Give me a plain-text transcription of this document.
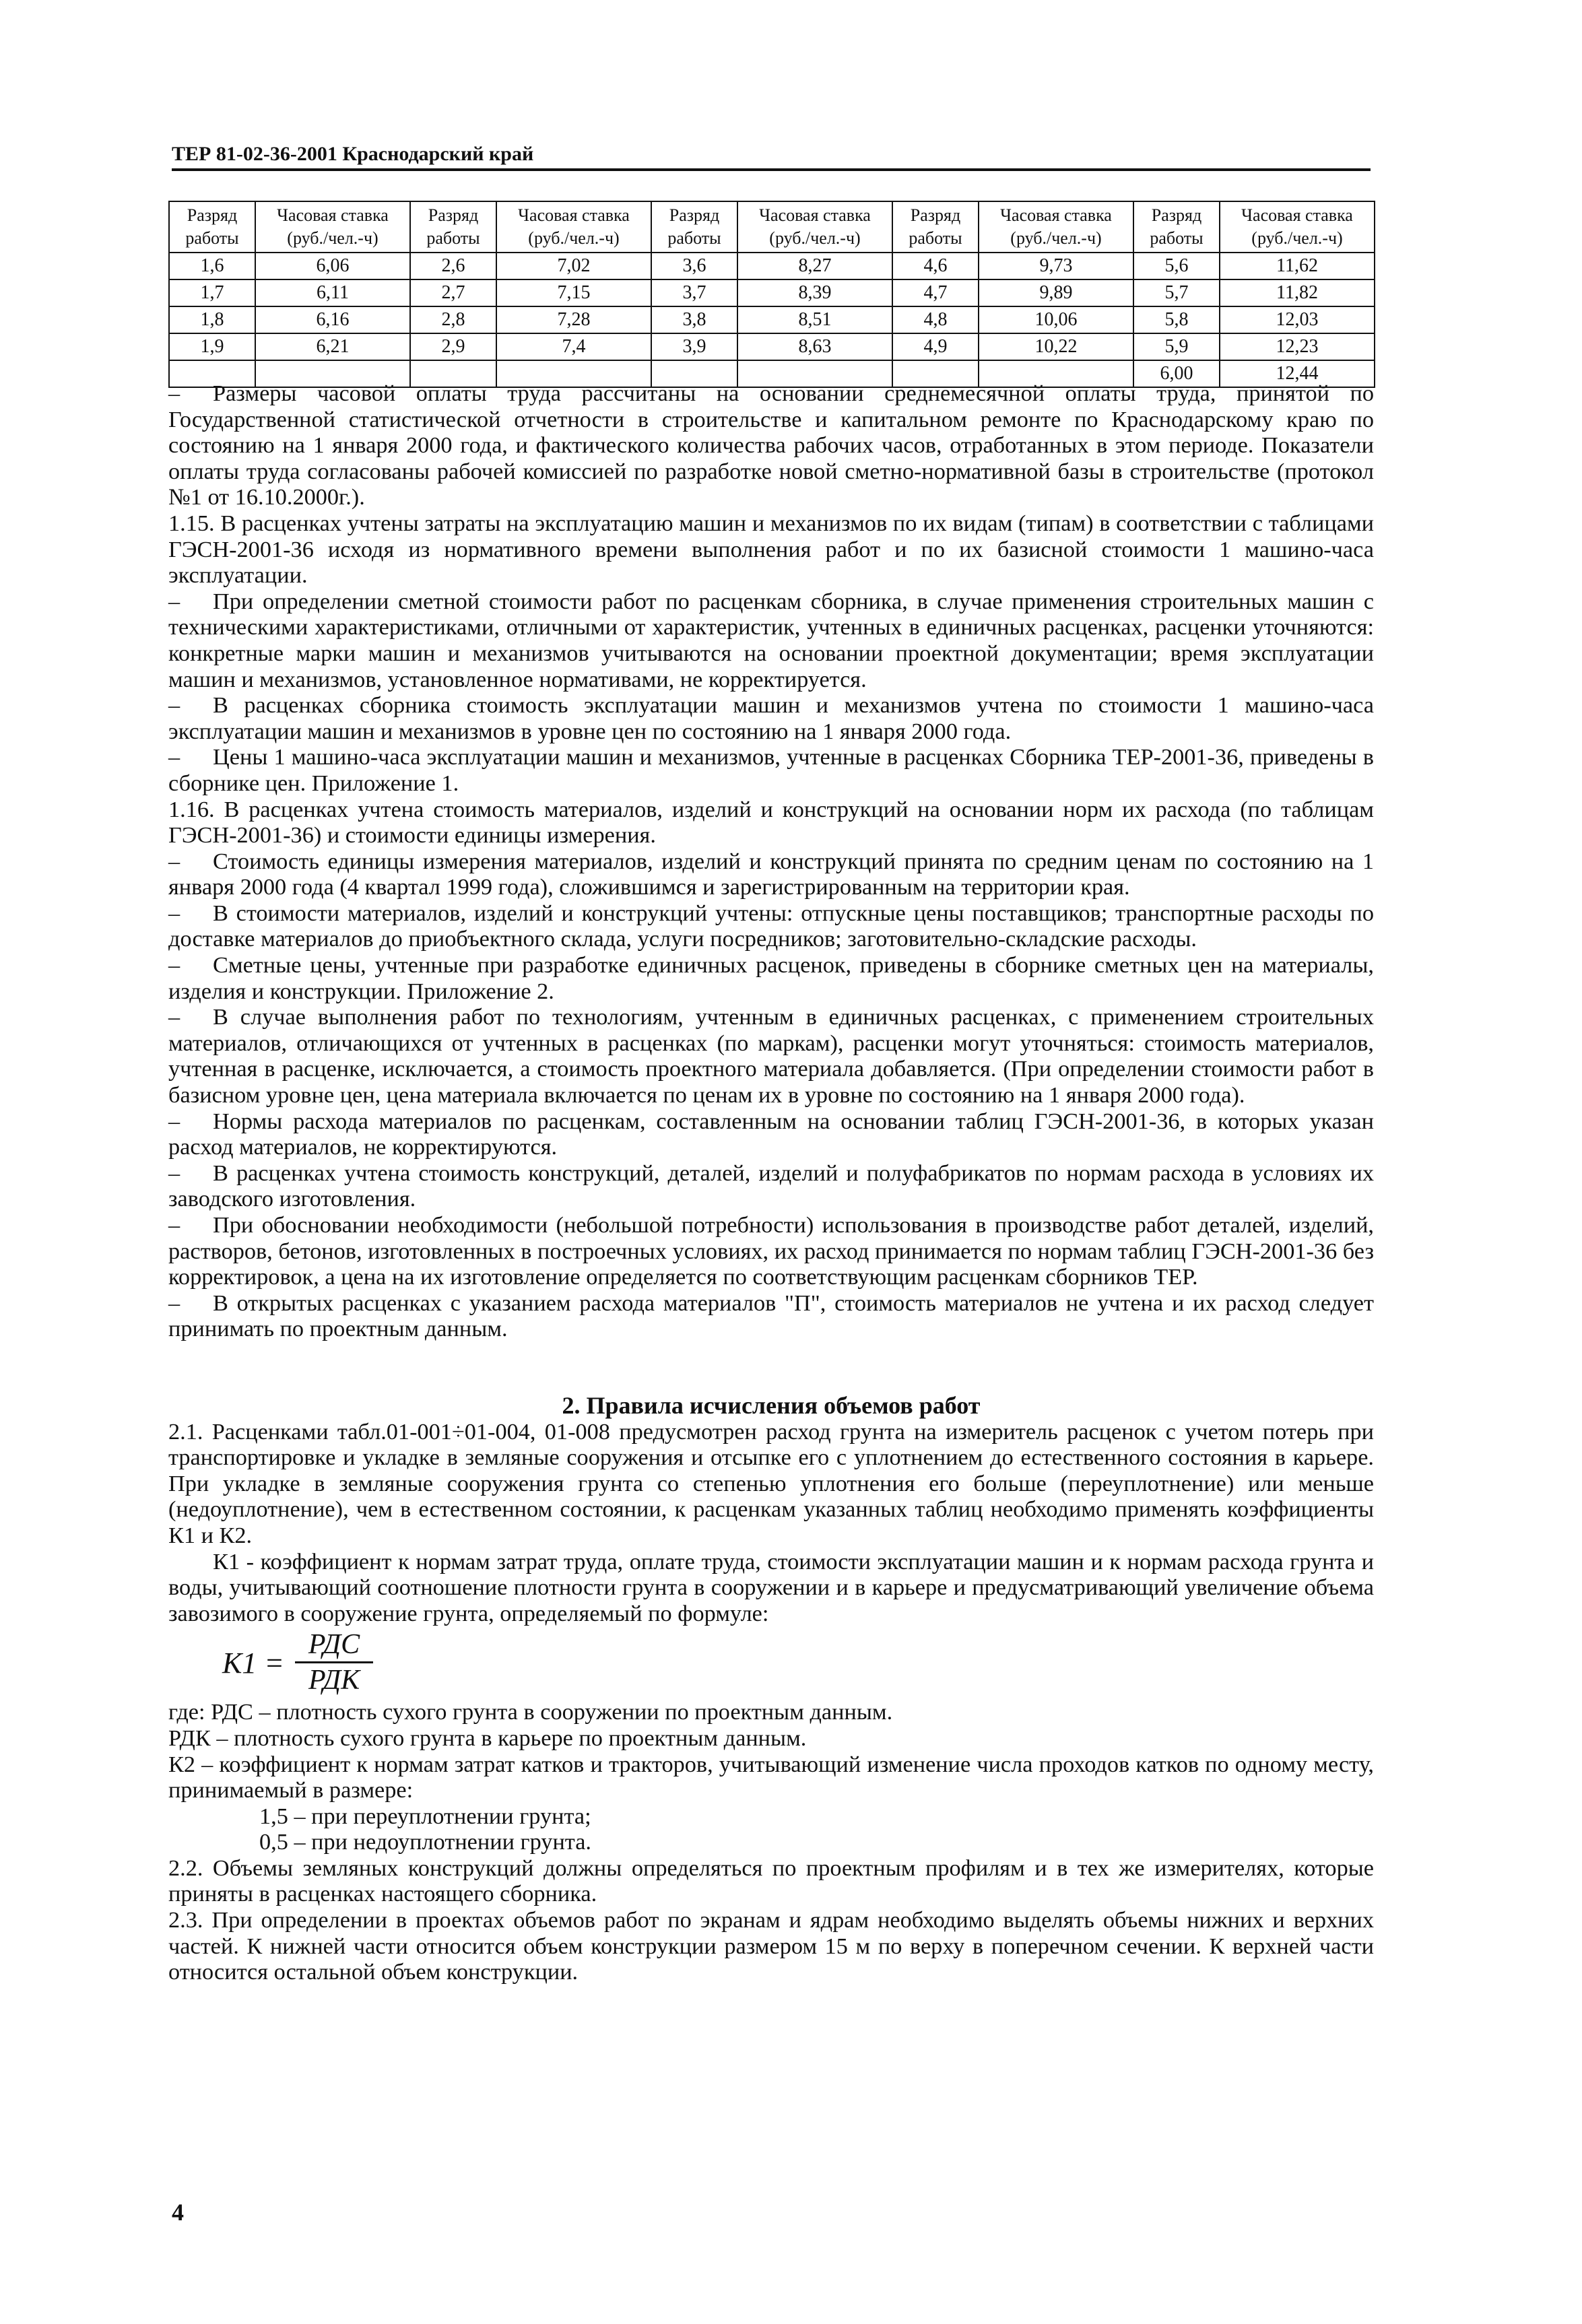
ТЕР 81-02-36-2001 Краснодарский край
Разряд работы	Часовая ставка (руб./чел.-ч)	Разряд работы	Часовая ставка (руб./чел.-ч)	Разряд работы	Часовая ставка (руб./чел.-ч)	Разряд работы	Часовая ставка (руб./чел.-ч)	Разряд работы	Часовая ставка (руб./чел.-ч)
1,6	6,06	2,6	7,02	3,6	8,27	4,6	9,73	5,6	11,62
1,7	6,11	2,7	7,15	3,7	8,39	4,7	9,89	5,7	11,82
1,8	6,16	2,8	7,28	3,8	8,51	4,8	10,06	5,8	12,03
1,9	6,21	2,9	7,4	3,9	8,63	4,9	10,22	5,9	12,23
								6,00	12,44

– Размеры часовой оплаты труда рассчитаны на основании среднемесячной оплаты труда, принятой по Государственной статистической отчетности в строительстве и капитальном ремонте по Краснодарскому краю по состоянию на 1 января 2000 года, и фактического количества рабочих часов, отработанных в этом периоде. Показатели оплаты труда согласованы рабочей комиссией по разработке новой сметно-нормативной базы в строительстве (протокол №1 от 16.10.2000г.).

1.15. В расценках учтены затраты на эксплуатацию машин и механизмов по их видам (типам) в соответствии с таблицами ГЭСН-2001-36 исходя из нормативного времени выполнения работ и по их базисной стоимости 1 машино-часа эксплуатации.

– При определении сметной стоимости работ по расценкам сборника, в случае применения строительных машин с техническими характеристиками, отличными от характеристик, учтенных в единичных расценках, расценки уточняются: конкретные марки машин и механизмов учитываются на основании проектной документации; время эксплуатации машин и механизмов, установленное нормативами, не корректируется.

– В расценках сборника стоимость эксплуатации машин и механизмов учтена по стоимости 1 машино-часа эксплуатации машин и механизмов в уровне цен по состоянию на 1 января 2000 года.

– Цены 1 машино-часа эксплуатации машин и механизмов, учтенные в расценках Сборника ТЕР-2001-36, приведены в сборнике цен. Приложение 1.

1.16. В расценках учтена стоимость материалов, изделий и конструкций на основании норм их расхода (по таблицам ГЭСН-2001-36) и стоимости единицы измерения.

– Стоимость единицы измерения материалов, изделий и конструкций принята по средним ценам по состоянию на 1 января 2000 года (4 квартал 1999 года), сложившимся и зарегистрированным на территории края.

– В стоимости материалов, изделий и конструкций учтены: отпускные цены поставщиков; транспортные расходы по доставке материалов до приобъектного склада, услуги посредников; заготовительно-складские расходы.

– Сметные цены, учтенные при разработке единичных расценок, приведены в сборнике сметных цен на материалы, изделия и конструкции. Приложение 2.

– В случае выполнения работ по технологиям, учтенным в единичных расценках, с применением строительных материалов, отличающихся от учтенных в расценках (по маркам), расценки могут уточняться: стоимость материалов, учтенная в расценке, исключается, а стоимость проектного материала добавляется. (При определении стоимости работ в базисном уровне цен, цена материала включается по ценам их в уровне по состоянию на 1 января 2000 года).

– Нормы расхода материалов по расценкам, составленным на основании таблиц ГЭСН-2001-36, в которых указан расход материалов, не корректируются.

– В расценках учтена стоимость конструкций, деталей, изделий и полуфабрикатов по нормам расхода в условиях их заводского изготовления.

– При обосновании необходимости (небольшой потребности) использования в производстве работ деталей, изделий, растворов, бетонов, изготовленных в построечных условиях, их расход принимается по нормам таблиц ГЭСН-2001-36 без корректировок, а цена на их изготовление определяется по соответствующим расценкам сборников ТЕР.

– В открытых расценках с указанием расхода материалов "П", стоимость материалов не учтена и их расход следует принимать по проектным данным.

2. Правила исчисления объемов работ

2.1. Расценками табл.01-001÷01-004, 01-008 предусмотрен расход грунта на измеритель расценок с учетом потерь при транспортировке и укладке в земляные сооружения и отсыпке его с уплотнением до естественного состояния в карьере. При укладке в земляные сооружения грунта со степенью уплотнения его больше (переуплотнение) или меньше (недоуплотнение), чем в естественном состоянии, к расценкам указанных таблиц необходимо применять коэффициенты К1 и К2.

К1 - коэффициент к нормам затрат труда, оплате труда, стоимости эксплуатации машин и к нормам расхода грунта и воды, учитывающий соотношение плотности грунта в сооружении и в карьере и предусматривающий увеличение объема завозимого в сооружение грунта, определяемый по формуле:

К1 =
РДС
РДК

где: РДС – плотность сухого грунта в сооружении по проектным данным.

РДК – плотность сухого грунта в карьере по проектным данным.

К2 – коэффициент к нормам затрат катков и тракторов, учитывающий изменение числа проходов катков по одному месту, принимаемый в размере:

1,5 – при переуплотнении грунта;

0,5 – при недоуплотнении грунта.

2.2. Объемы земляных конструкций должны определяться по проектным профилям и в тех же измерителях, которые приняты в расценках настоящего сборника.

2.3. При определении в проектах объемов работ по экранам и ядрам необходимо выделять объемы нижних и верхних частей. К нижней части относится объем конструкции размером 15 м по верху в поперечном сечении. К верхней части относится остальной объем конструкции.

4
